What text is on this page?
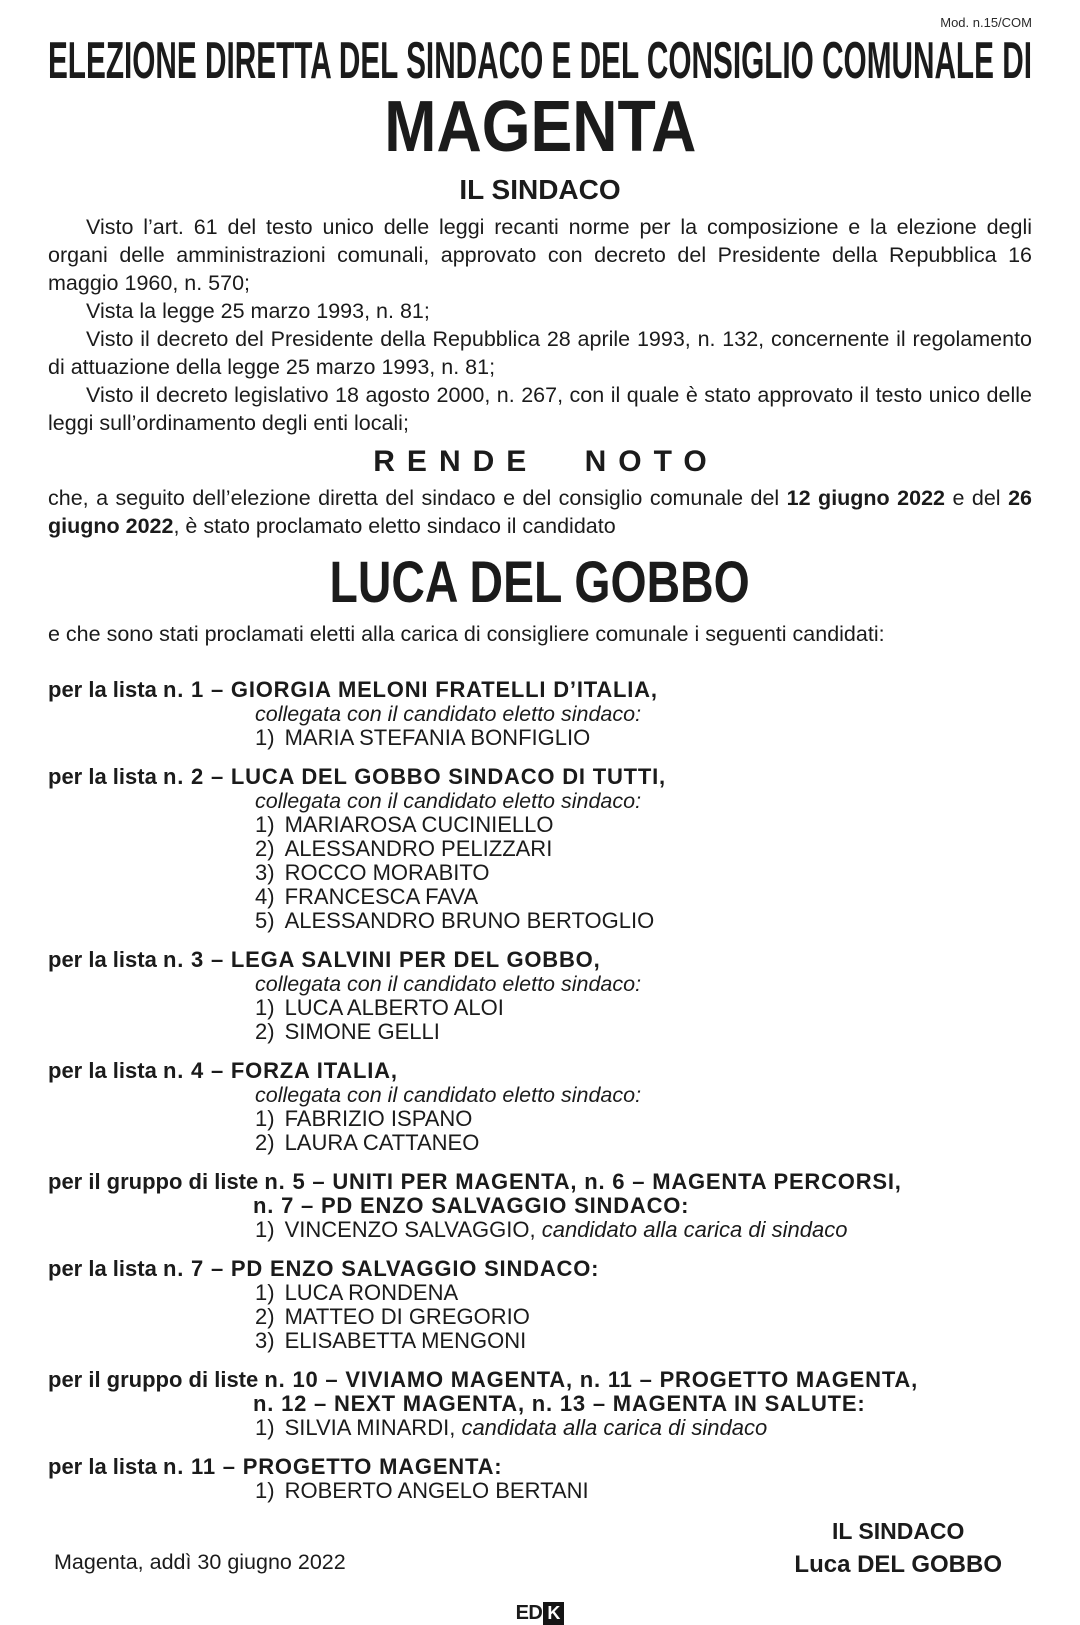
Mod. n.15/COM
ELEZIONE DIRETTA DEL SINDACO E DEL CONSIGLIO COMUNALE DI
MAGENTA
IL SINDACO

Visto l’art. 61 del testo unico delle leggi recanti norme per la composizione e la elezione degli organi delle amministrazioni comunali, approvato con decreto del Presidente della Repubblica 16 maggio 1960, n. 570;

Vista la legge 25 marzo 1993, n. 81;

Visto il decreto del Presidente della Repubblica 28 aprile 1993, n. 132, concernente il regolamento di attuazione della legge 25 marzo 1993, n. 81;

Visto il decreto legislativo 18 agosto 2000, n. 267, con il quale è stato approvato il testo unico delle leggi sull’ordinamento degli enti locali;

RENDE NOTO

che, a seguito dell’elezione diretta del sindaco e del consiglio comunale del 12 giugno 2022 e del 26 giugno 2022, è stato proclamato eletto sindaco il candidato

LUCA DEL GOBBO

e che sono stati proclamati eletti alla carica di consigliere comunale i seguenti candidati:

per la lista n. 1 – GIORGIA MELONI FRATELLI D’ITALIA,
collegata con il candidato eletto sindaco:
1) MARIA STEFANIA BONFIGLIO
per la lista n. 2 – LUCA DEL GOBBO SINDACO DI TUTTI,
collegata con il candidato eletto sindaco:
1) MARIAROSA CUCINIELLO
2) ALESSANDRO PELIZZARI
3) ROCCO MORABITO
4) FRANCESCA FAVA
5) ALESSANDRO BRUNO BERTOGLIO
per la lista n. 3 – LEGA SALVINI PER DEL GOBBO,
collegata con il candidato eletto sindaco:
1) LUCA ALBERTO ALOI
2) SIMONE GELLI
per la lista n. 4 – FORZA ITALIA,
collegata con il candidato eletto sindaco:
1) FABRIZIO ISPANO
2) LAURA CATTANEO
per il gruppo di liste n. 5 – UNITI PER MAGENTA, n. 6 – MAGENTA PERCORSI,
n. 7 – PD ENZO SALVAGGIO SINDACO:
1) VINCENZO SALVAGGIO, candidato alla carica di sindaco
per la lista n. 7 – PD ENZO SALVAGGIO SINDACO:
1) LUCA RONDENA
2) MATTEO DI GREGORIO
3) ELISABETTA MENGONI
per il gruppo di liste n. 10 – VIVIAMO MAGENTA, n. 11 – PROGETTO MAGENTA,
n. 12 – NEXT MAGENTA, n. 13 – MAGENTA IN SALUTE:
1) SILVIA MINARDI, candidata alla carica di sindaco
per la lista n. 11 – PROGETTO MAGENTA:
1) ROBERTO ANGELO BERTANI
Magenta, addì 30 giugno 2022
IL SINDACO
Luca DEL GOBBO
ED K
